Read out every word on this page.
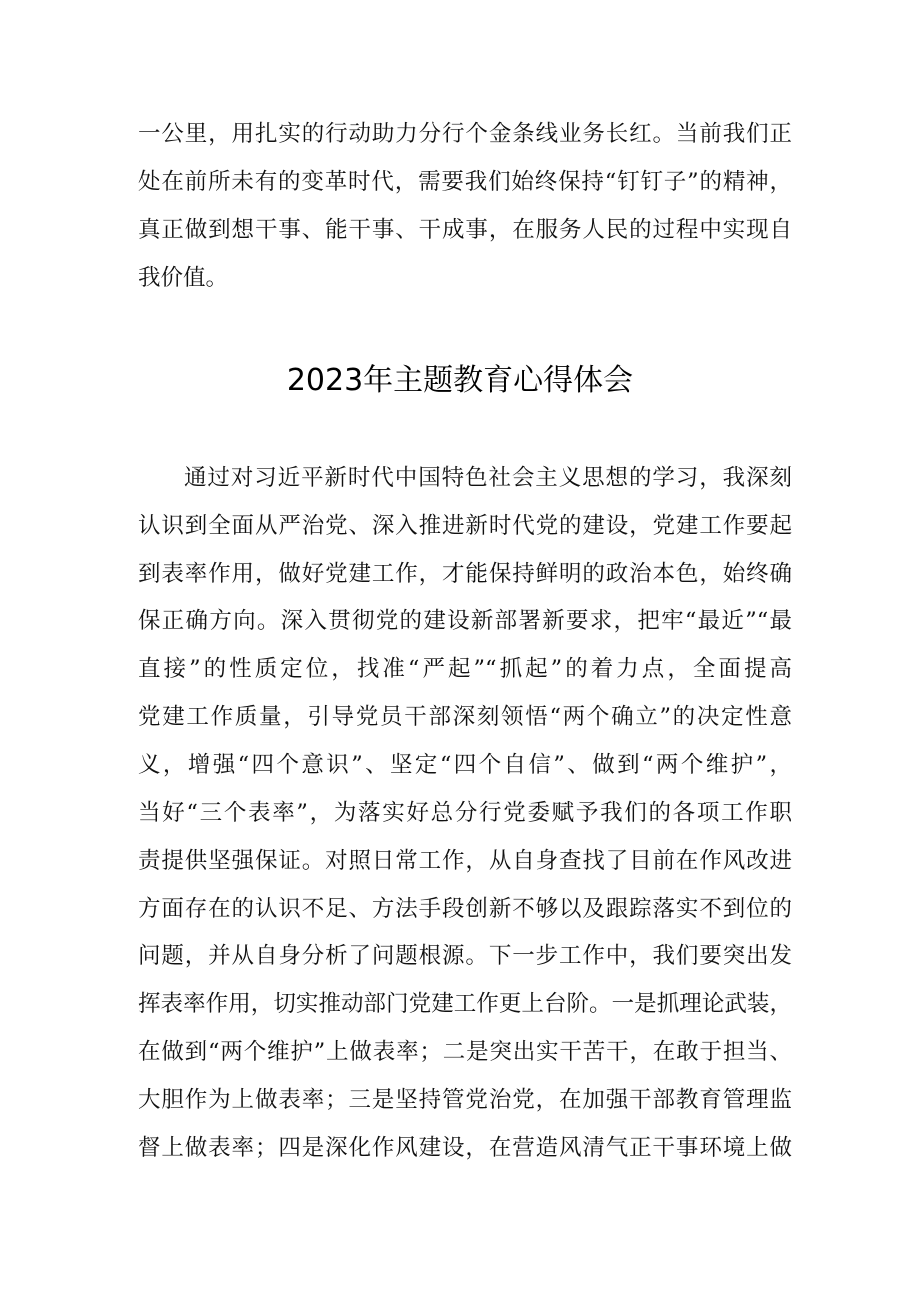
一公里，用扎实的行动助力分行个金条线业务长红。当前我们正
处在前所未有的变革时代，需要我们始终保持“钉钉子”的精神，
真正做到想干事、能干事、干成事，在服务人民的过程中实现自
我价值。
2023年主题教育心得体会
通过对习近平新时代中国特色社会主义思想的学习，我深刻
认识到全面从严治党、深入推进新时代党的建设，党建工作要起
到表率作用，做好党建工作，才能保持鲜明的政治本色，始终确
保正确方向。深入贯彻党的建设新部署新要求，把牢“最近”“最
直接”的性质定位，找准“严起”“抓起”的着力点，全面提高
党建工作质量，引导党员干部深刻领悟“两个确立”的决定性意
义，增强“四个意识”、坚定“四个自信”、做到“两个维护”，
当好“三个表率”，为落实好总分行党委赋予我们的各项工作职
责提供坚强保证。对照日常工作，从自身查找了目前在作风改进
方面存在的认识不足、方法手段创新不够以及跟踪落实不到位的
问题，并从自身分析了问题根源。下一步工作中，我们要突出发
挥表率作用，切实推动部门党建工作更上台阶。一是抓理论武装，
在做到“两个维护”上做表率；二是突出实干苦干，在敢于担当、
大胆作为上做表率；三是坚持管党治党，在加强干部教育管理监
督上做表率；四是深化作风建设，在营造风清气正干事环境上做
